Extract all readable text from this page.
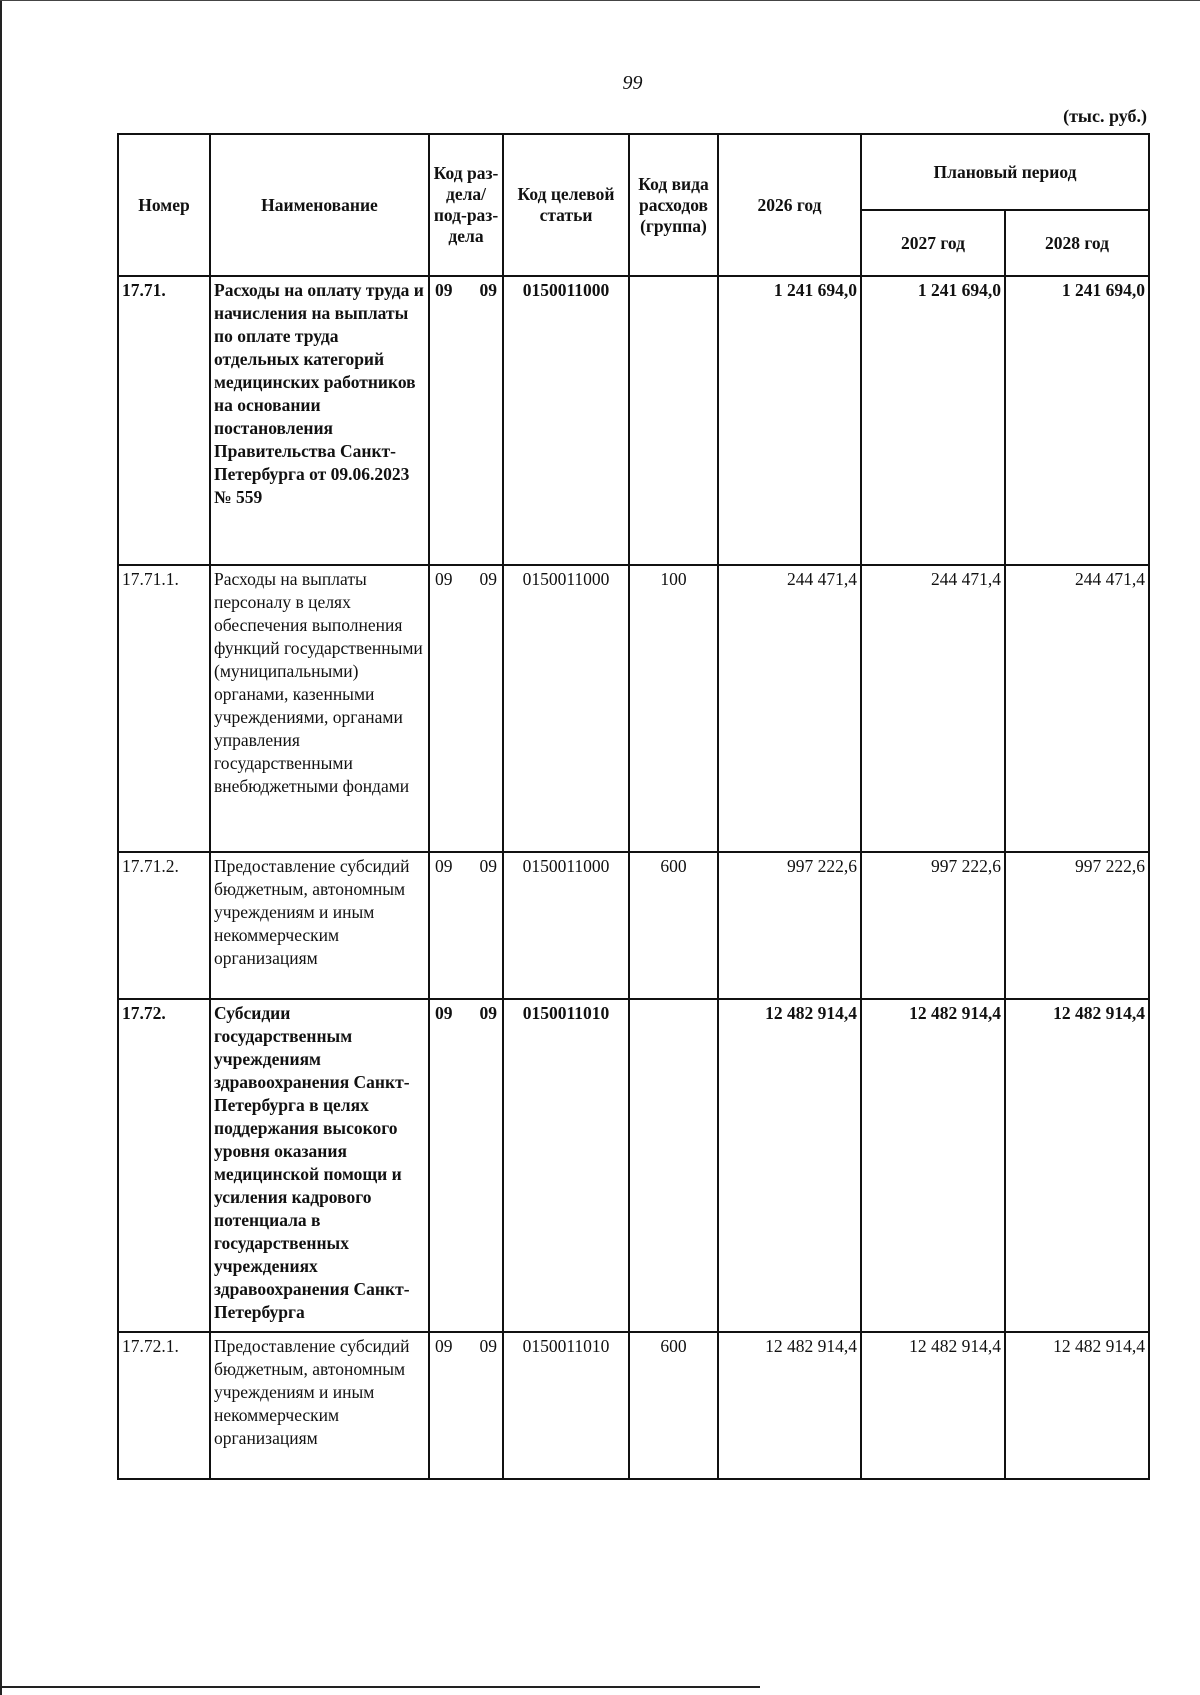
99
(тыс. руб.)
Номер	Наименование	Код раз-дела/ под-раз-дела	Код целевой статьи	Код вида расходов (группа)	2026 год	Плановый период	
						2027 год	2028 год
17.71.	Расходы на оплату труда и начисления на выплаты по оплате труда отдельных категорий медицинских работников на основании постановления Правительства Санкт-Петербурга от 09.06.2023 № 559	09 09	0150011000		1 241 694,0	1 241 694,0	1 241 694,0
17.71.1.	Расходы на выплаты персоналу в целях обеспечения выполнения функций государственными (муниципальными) органами, казенными учреждениями, органами управления государственными внебюджетными фондами	09 09	0150011000	100	244 471,4	244 471,4	244 471,4
17.71.2.	Предоставление субсидий бюджетным, автономным учреждениям и иным некоммерческим организациям	09 09	0150011000	600	997 222,6	997 222,6	997 222,6
17.72.	Субсидии государственным учреждениям здравоохранения Санкт-Петербурга в целях поддержания высокого уровня оказания медицинской помощи и усиления кадрового потенциала в государственных учреждениях здравоохранения Санкт-Петербурга	09 09	0150011010		12 482 914,4	12 482 914,4	12 482 914,4
17.72.1.	Предоставление субсидий бюджетным, автономным учреждениям и иным некоммерческим организациям	09 09	0150011010	600	12 482 914,4	12 482 914,4	12 482 914,4
